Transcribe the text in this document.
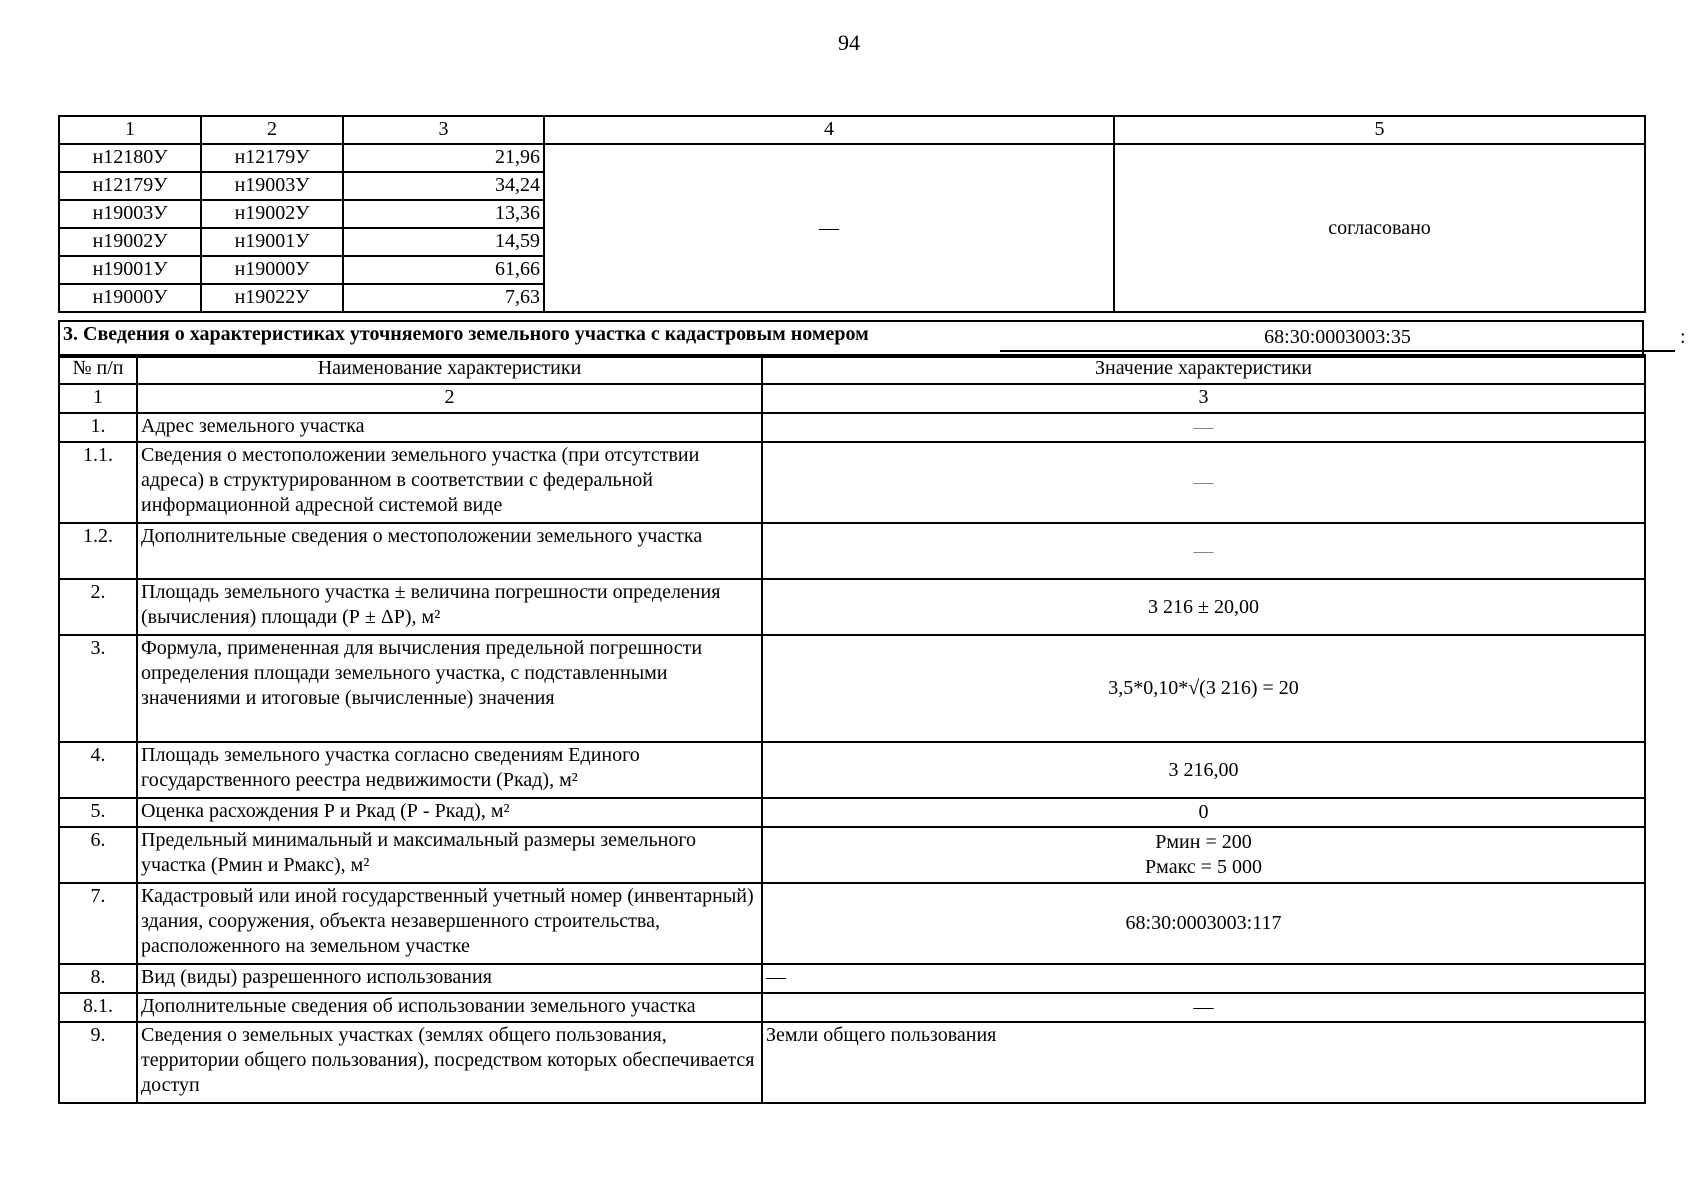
94
1	2	3	4	5
н12180У	н12179У	21,96	—	согласовано
н12179У	н19003У	34,24		
н19003У	н19002У	13,36		
н19002У	н19001У	14,59		
н19001У	н19000У	61,66		
н19000У	н19022У	7,63		
3. Сведения о характеристиках уточняемого земельного участка с кадастровым номером	68:30:0003003:35	:
№ п/п	Наименование характеристики	Значение характеристики
1	2	3
1.	Адрес земельного участка	—
1.1.	Сведения о местоположении земельного участка (при отсутствии адреса) в структурированном в соответствии с федеральной информационной адресной системой виде	—
1.2.	Дополнительные сведения о местоположении земельного участка	—
2.	Площадь земельного участка ± величина погрешности определения (вычисления) площади (Р ± ΔР), м²	3 216 ± 20,00
3.	Формула, примененная для вычисления предельной погрешности определения площади земельного участка, с подставленными значениями и итоговые (вычисленные) значения	3,5*0,10*√(3 216) = 20
4.	Площадь земельного участка согласно сведениям Единого государственного реестра недвижимости (Ркад), м²	3 216,00
5.	Оценка расхождения Р и Ркад (Р - Ркад), м²	0
6.	Предельный минимальный и максимальный размеры земельного участка (Рмин и Рмакс), м²	Рмин = 200
Рмакс = 5 000

7.	Кадастровый или иной государственный учетный номер (инвентарный) здания, сооружения, объекта незавершенного строительства, расположенного на земельном участке	68:30:0003003:117
8.	Вид (виды) разрешенного использования	—
8.1.	Дополнительные сведения об использовании земельного участка	—
9.	Сведения о земельных участках (землях общего пользования, территории общего пользования), посредством которых обеспечивается доступ	Земли общего пользования
